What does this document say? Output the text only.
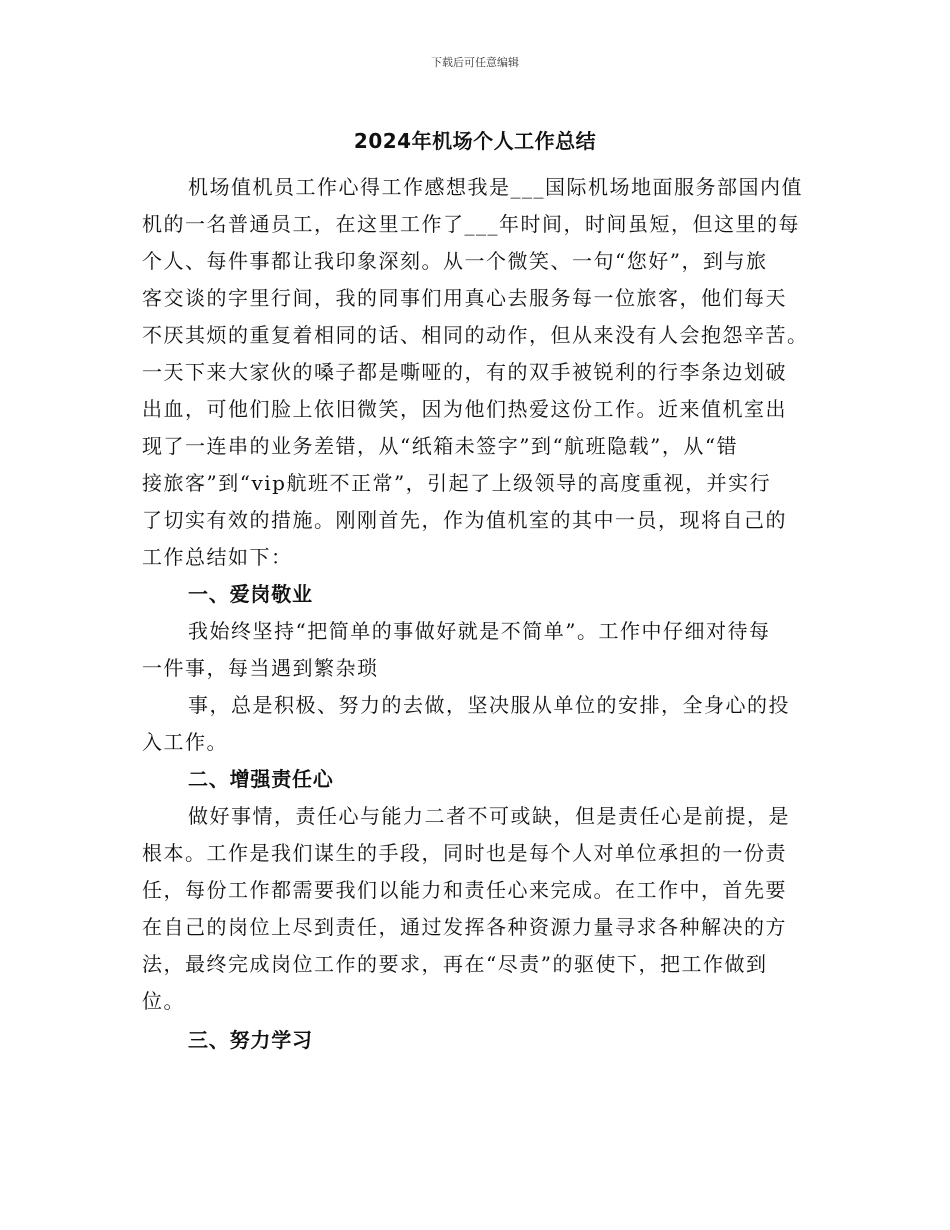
下载后可任意编辑
2024年机场个人工作总结
机场值机员工作心得工作感想我是___国际机场地面服务部国内值
机的一名普通员工，在这里工作了___年时间，时间虽短，但这里的每
个人、每件事都让我印象深刻。从一个微笑、一句“您好”，到与旅
客交谈的字里行间，我的同事们用真心去服务每一位旅客，他们每天
不厌其烦的重复着相同的话、相同的动作，但从来没有人会抱怨辛苦。
一天下来大家伙的嗓子都是嘶哑的，有的双手被锐利的行李条边划破
出血，可他们脸上依旧微笑，因为他们热爱这份工作。近来值机室出
现了一连串的业务差错，从“纸箱未签字”到“航班隐载”，从“错
接旅客”到“vip航班不正常”，引起了上级领导的高度重视，并实行
了切实有效的措施。刚刚首先，作为值机室的其中一员，现将自己的
工作总结如下：
一、爱岗敬业
我始终坚持“把简单的事做好就是不简单”。工作中仔细对待每
一件事，每当遇到繁杂琐
事，总是积极、努力的去做，坚决服从单位的安排，全身心的投
入工作。
二、增强责任心
做好事情，责任心与能力二者不可或缺，但是责任心是前提，是
根本。工作是我们谋生的手段，同时也是每个人对单位承担的一份责
任，每份工作都需要我们以能力和责任心来完成。在工作中，首先要
在自己的岗位上尽到责任，通过发挥各种资源力量寻求各种解决的方
法，最终完成岗位工作的要求，再在“尽责”的驱使下，把工作做到
位。
三、努力学习
